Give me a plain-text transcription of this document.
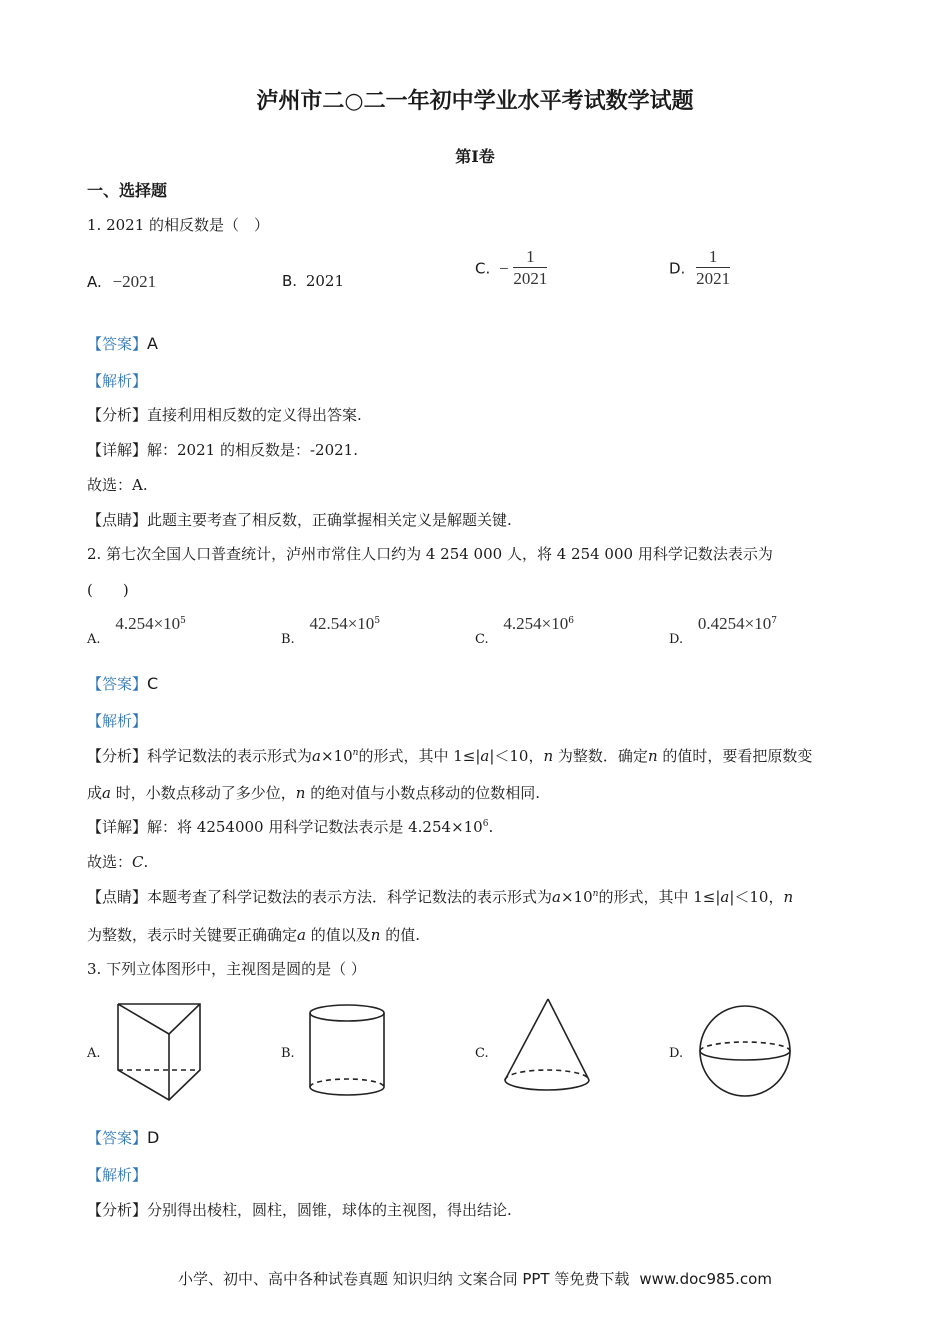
泸州市二○二一年初中学业水平考试数学试题
第Ⅰ卷
一、选择题
1. 2021 的相反数是（　）
A. −2021	B. 2021
C. − $\frac{1}{2021}$	D. $\frac{1}{2021}$
【答案】A
【解析】
【分析】直接利用相反数的定义得出答案.
【详解】解：2021 的相反数是：-2021.
故选：A.
【点睛】此题主要考查了相反数，正确掌握相关定义是解题关键.
2. 第七次全国人口普查统计，泸州市常住人口约为 4 254 000 人，将 4 254 000 用科学记数法表示为
(　　)
A. $4.254\times 10^5$
B. $42.54\times 10^5$
C. $4.254\times 10^6$
D. $0.4254\times 10^7$
【答案】C
【解析】
【分析】科学记数法的表示形式为$a\times 10^n$的形式，其中 1≤|a|＜10，n 为整数．确定n 的值时，要看把原数变
成a 时，小数点移动了多少位，n 的绝对值与小数点移动的位数相同.
【详解】解：将 4254000 用科学记数法表示是 $4.254\times 10^6$.
故选：C.
【点睛】本题考查了科学记数法的表示方法．科学记数法的表示形式为$a\times 10^n$的形式，其中 1≤|a|＜10，n
为整数，表示时关键要正确确定a 的值以及n 的值.
3. 下列立体图形中，主视图是圆的是（ ）
A.	B.	C.	D.
【答案】D
【解析】
【分析】分别得出棱柱，圆柱，圆锥，球体的主视图，得出结论.
小学、初中、高中各种试卷真题 知识归纳 文案合同 PPT 等免费下载 www.doc985.com
